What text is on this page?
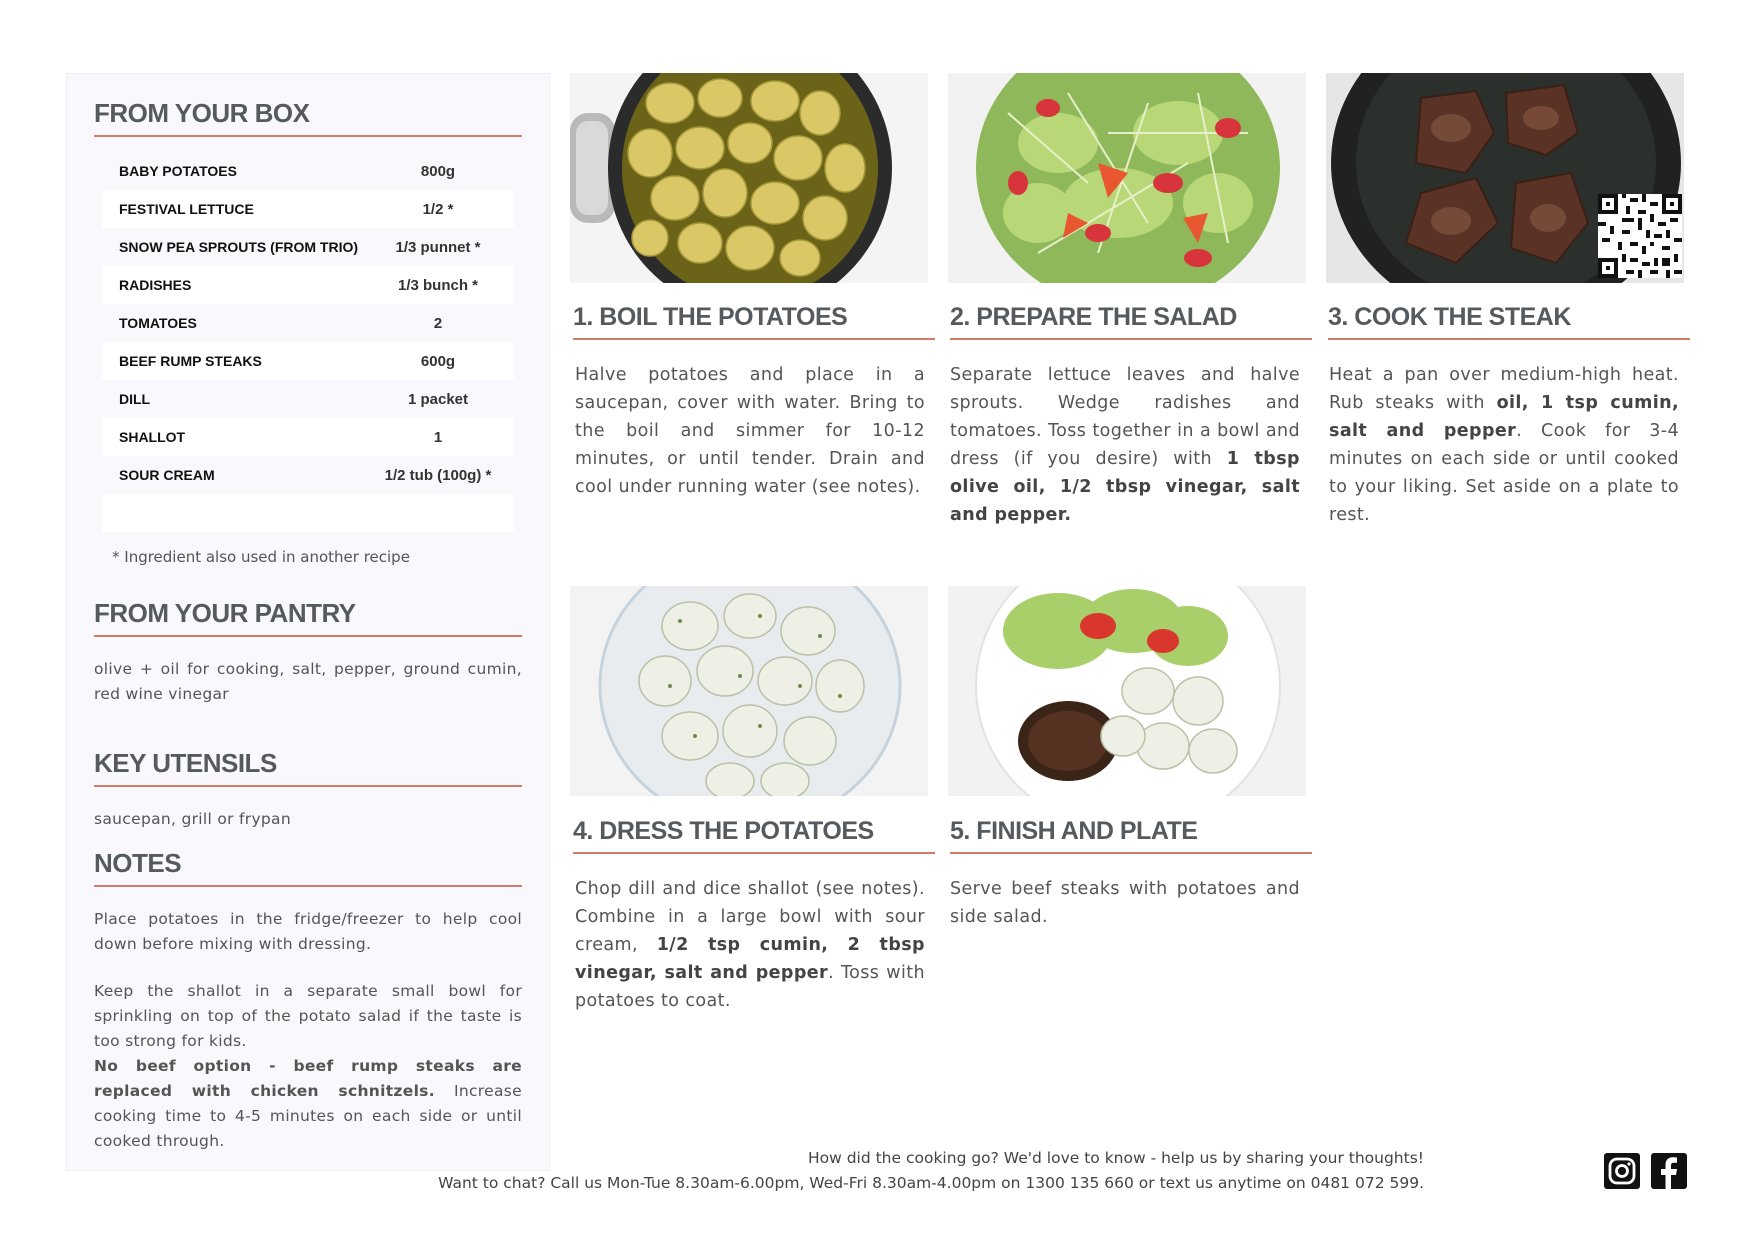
FROM YOUR BOX
BABY POTATOES	800g
FESTIVAL LETTUCE	1/2 *
SNOW PEA SPROUTS (FROM TRIO)	1/3 punnet *
RADISHES	1/3 bunch *
TOMATOES	2
BEEF RUMP STEAKS	600g
DILL	1 packet
SHALLOT	1
SOUR CREAM	1/2 tub (100g) *

* Ingredient also used in another recipe
FROM YOUR PANTRY
olive + oil for cooking, salt, pepper, ground cumin, red wine vinegar
KEY UTENSILS
saucepan, grill or frypan
NOTES
Place potatoes in the fridge/freezer to help cool down before mixing with dressing.
Keep the shallot in a separate small bowl for sprinkling on top of the potato salad if the taste is too strong for kids.
No beef option - beef rump steaks are replaced with chicken schnitzels. Increase cooking time to 4-5 minutes on each side or until cooked through.
1. BOIL THE POTATOES	2. PREPARE THE SALAD	3. COOK THE STEAK
4. DRESS THE POTATOES	5. FINISH AND PLATE
Halve potatoes and place in a saucepan, cover with water. Bring to the boil and simmer for 10-12 minutes, or until tender. Drain and cool under running water (see notes).
Separate lettuce leaves and halve sprouts. Wedge radishes and tomatoes. Toss together in a bowl and dress (if you desire) with 1 tbsp olive oil, 1/2 tbsp vinegar, salt and pepper.
Heat a pan over medium-high heat. Rub steaks with oil, 1 tsp cumin, salt and pepper. Cook for 3-4 minutes on each side or until cooked to your liking. Set aside on a plate to rest.
Chop dill and dice shallot (see notes). Combine in a large bowl with sour cream, 1/2 tsp cumin, 2 tbsp vinegar, salt and pepper. Toss with potatoes to coat.
Serve beef steaks with potatoes and side salad.
How did the cooking go? We'd love to know - help us by sharing your thoughts!
Want to chat? Call us Mon-Tue 8.30am-6.00pm, Wed-Fri 8.30am-4.00pm on 1300 135 660 or text us anytime on 0481 072 599.
